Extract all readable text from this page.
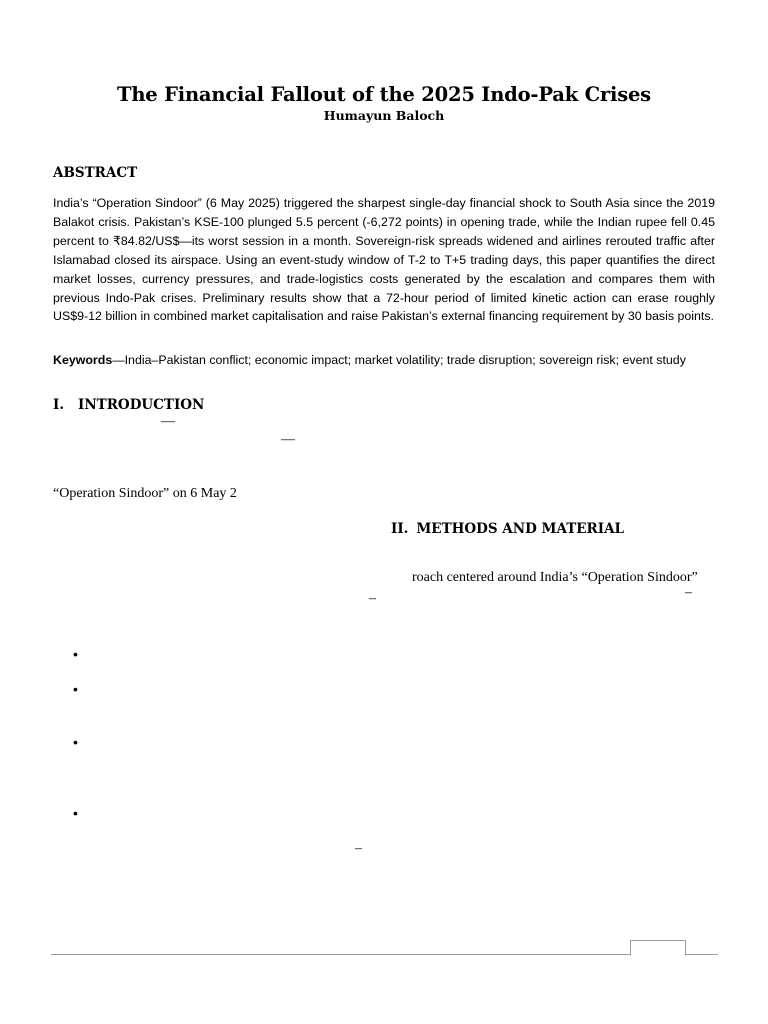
The Financial Fallout of the 2025 Indo-Pak Crises
Humayun Baloch
ABSTRACT
India’s “Operation Sindoor” (6 May 2025) triggered the sharpest single-day financial shock to South Asia since the 2019 Balakot crisis. Pakistan’s KSE-100 plunged 5.5 percent (-6,272 points) in opening trade, while the Indian rupee fell 0.45 percent to ₹84.82/US$—its worst session in a month. Sovereign-risk spreads widened and airlines rerouted traffic after Islamabad closed its airspace. Using an event-study window of T-2 to T+5 trading days, this paper quantifies the direct market losses, currency pressures, and trade-logistics costs generated by the escalation and compares them with previous Indo-Pak crises. Preliminary results show that a 72-hour period of limited kinetic action can erase roughly US$9-12 billion in combined market capitalisation and raise Pakistan’s external financing requirement by 30 basis points.
Keywords—India–Pakistan conflict; economic impact; market volatility; trade disruption; sovereign risk; event study
I. INTRODUCTION
—
—
“Operation Sindoor” on 6 May 2
II. METHODS AND MATERIAL
roach centered around India’s “Operation Sindoor”
–	–
•
•
•
•
–
